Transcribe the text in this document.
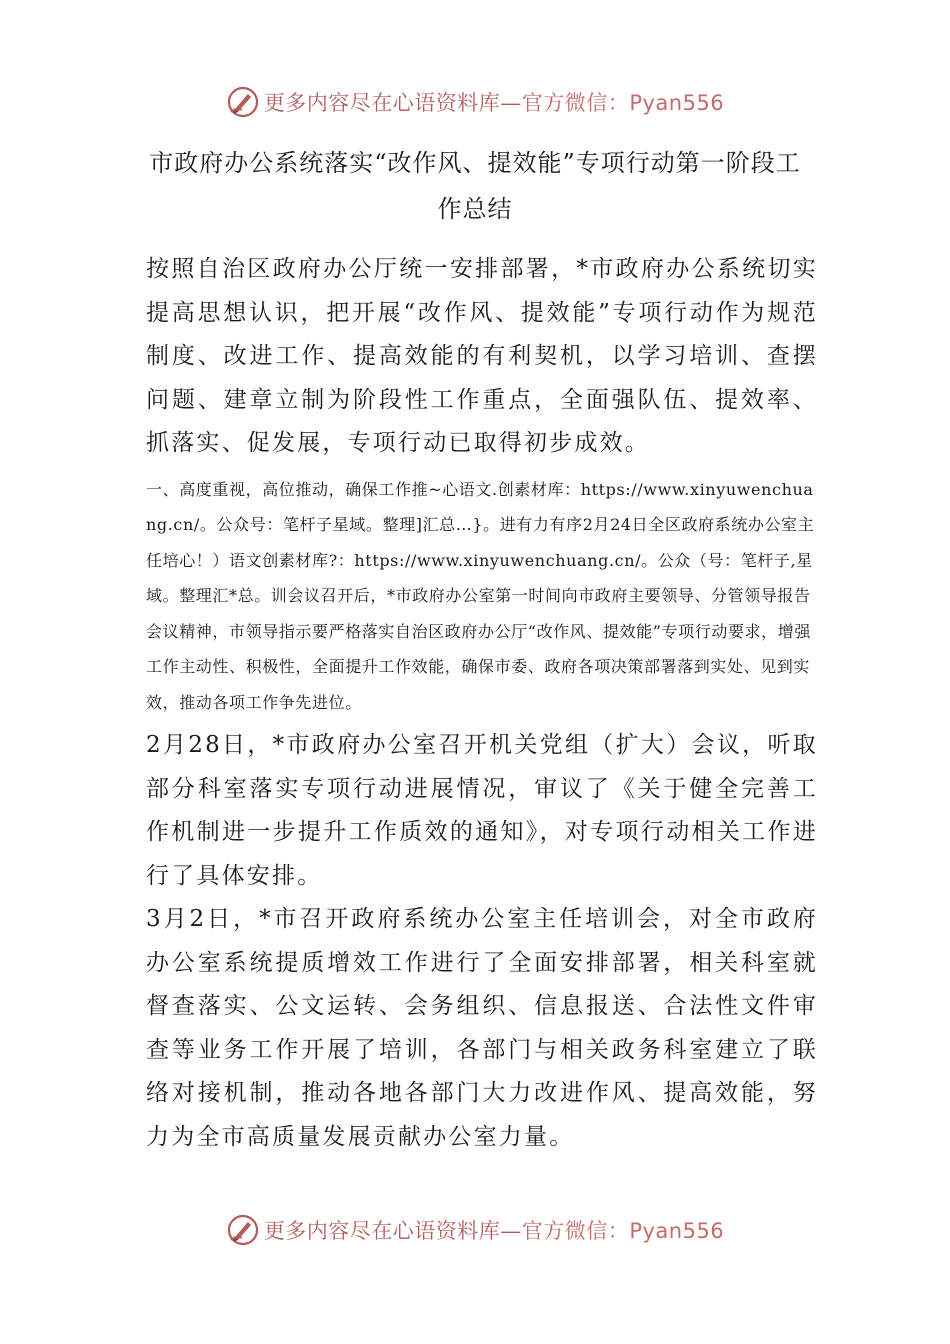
更多内容尽在心语资料库—官方微信：Pyan556
市政府办公系统落实“改作风、提效能”专项行动第一阶段工作总结

按照自治区政府办公厅统一安排部署，*市政府办公系统切实提高思想认识，把开展“改作风、提效能”专项行动作为规范制度、改进工作、提高效能的有利契机，以学习培训、查摆问题、建章立制为阶段性工作重点，全面强队伍、提效率、抓落实、促发展，专项行动已取得初步成效。

一、高度重视，高位推动，确保工作推~心语文.创素材库：https://www.xinyuwenchuang.cn/。公众号：笔杆子星域。整理]汇总…}。进有力有序2月24日全区政府系统办公室主任培心！）语文创素材库?：https://www.xinyuwenchuang.cn/。公众（号：笔杆子,星域。整理汇*总。训会议召开后，*市政府办公室第一时间向市政府主要领导、分管领导报告会议精神，市领导指示要严格落实自治区政府办公厅“改作风、提效能”专项行动要求，增强工作主动性、积极性，全面提升工作效能，确保市委、政府各项决策部署落到实处、见到实效，推动各项工作争先进位。

2月28日，*市政府办公室召开机关党组（扩大）会议，听取部分科室落实专项行动进展情况，审议了《关于健全完善工作机制进一步提升工作质效的通知》，对专项行动相关工作进行了具体安排。

3月2日，*市召开政府系统办公室主任培训会，对全市政府办公室系统提质增效工作进行了全面安排部署，相关科室就督查落实、公文运转、会务组织、信息报送、合法性文件审查等业务工作开展了培训，各部门与相关政务科室建立了联络对接机制，推动各地各部门大力改进作风、提高效能，努力为全市高质量发展贡献办公室力量。

更多内容尽在心语资料库—官方微信：Pyan556
